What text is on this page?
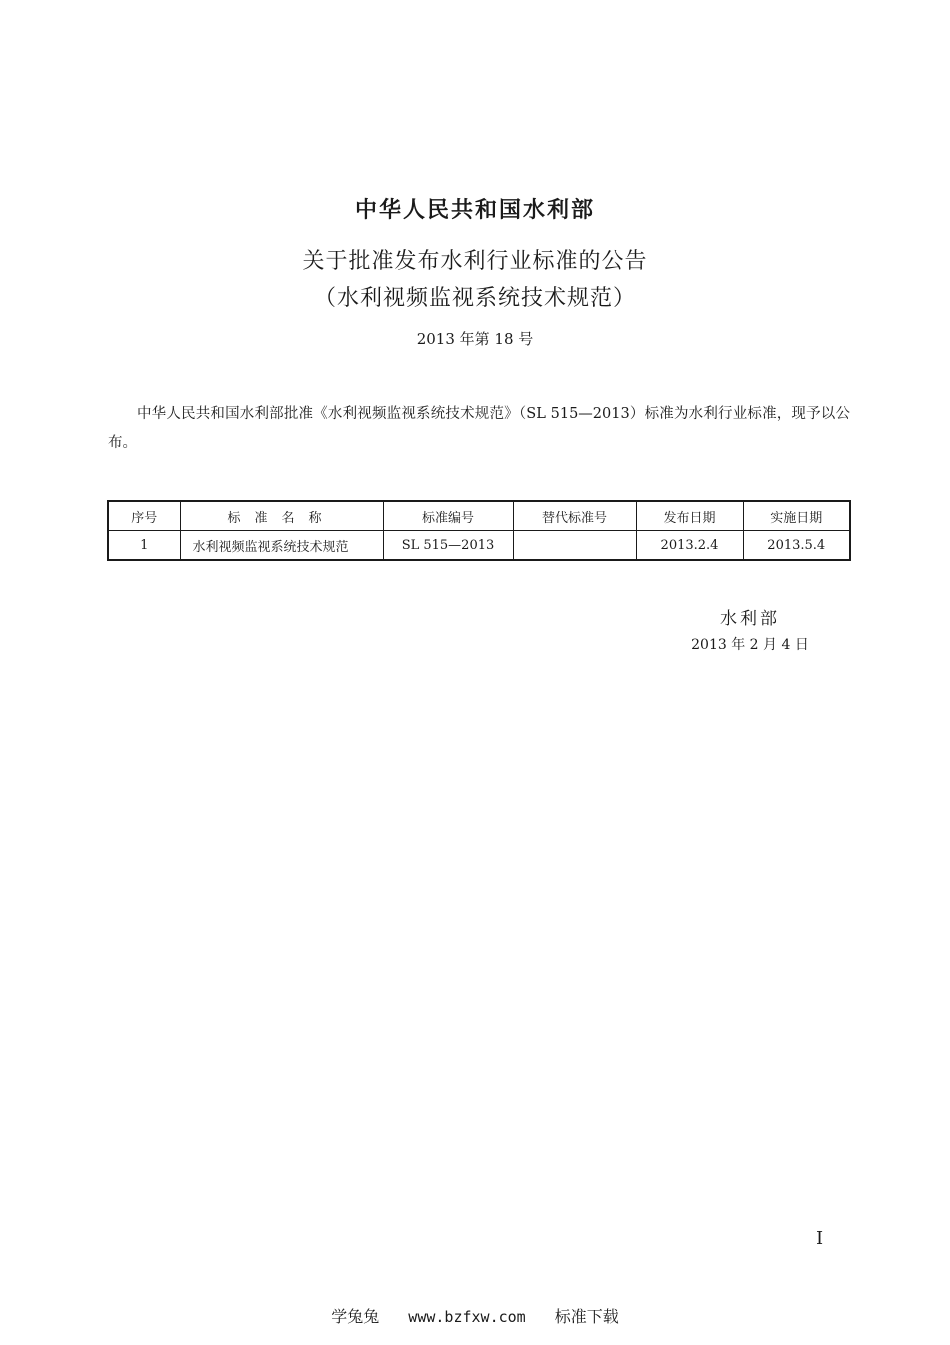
中华人民共和国水利部
关于批准发布水利行业标准的公告
（水利视频监视系统技术规范）
2013 年第 18 号
中华人民共和国水利部批准《水利视频监视系统技术规范》（SL 515—2013）标准为水利行业标准，现予以公布。
序号	标准名称	标准编号	替代标准号	发布日期	实施日期
1	水利视频监视系统技术规范	SL 515—2013		2013.2.4	2013.5.4
水利部
2013 年 2 月 4 日
I
学兔兔 www.bzfxw.com 标准下载
